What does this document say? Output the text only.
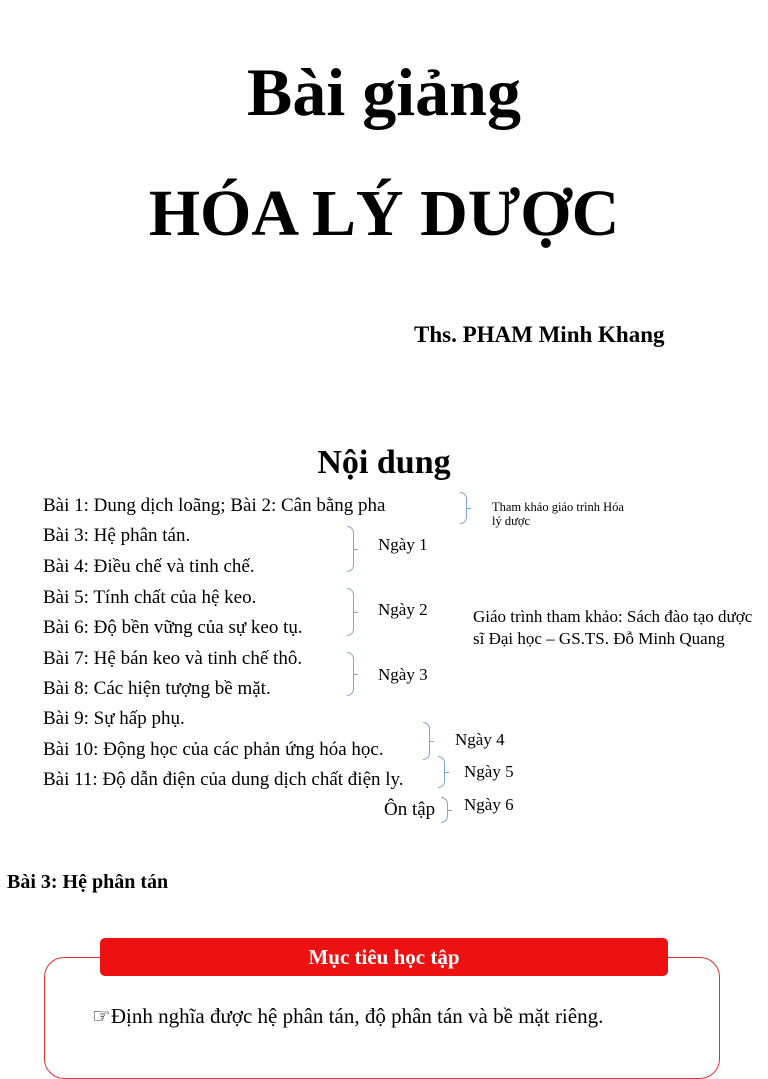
Bài giảng
HÓA LÝ DƯỢC
Ths. PHAM Minh Khang
Nội dung
Bài 1: Dung dịch loãng; Bài 2: Cân bằng pha
Bài 3: Hệ phân tán.
Bài 4: Điều chế và tinh chế.
Bài 5: Tính chất của hệ keo.
Bài 6: Độ bền vững của sự keo tụ.
Bài 7: Hệ bán keo và tinh chế thô.
Bài 8: Các hiện tượng bề mặt.
Bài 9: Sự hấp phụ.
Bài 10: Động học của các phản ứng hóa học.
Bài 11: Độ dẫn điện của dung dịch chất điện ly.
Ôn tập
Ngày 1
Ngày 2
Ngày 3
Ngày 4
Ngày 5
Ngày 6
Tham khảo giáo trình Hóa lý dược
Giáo trình tham khảo: Sách đào tạo dược sĩ Đại học – GS.TS. Đỗ Minh Quang
Bài 3: Hệ phân tán
Mục tiêu học tập
☞Định nghĩa được hệ phân tán, độ phân tán và bề mặt riêng.
